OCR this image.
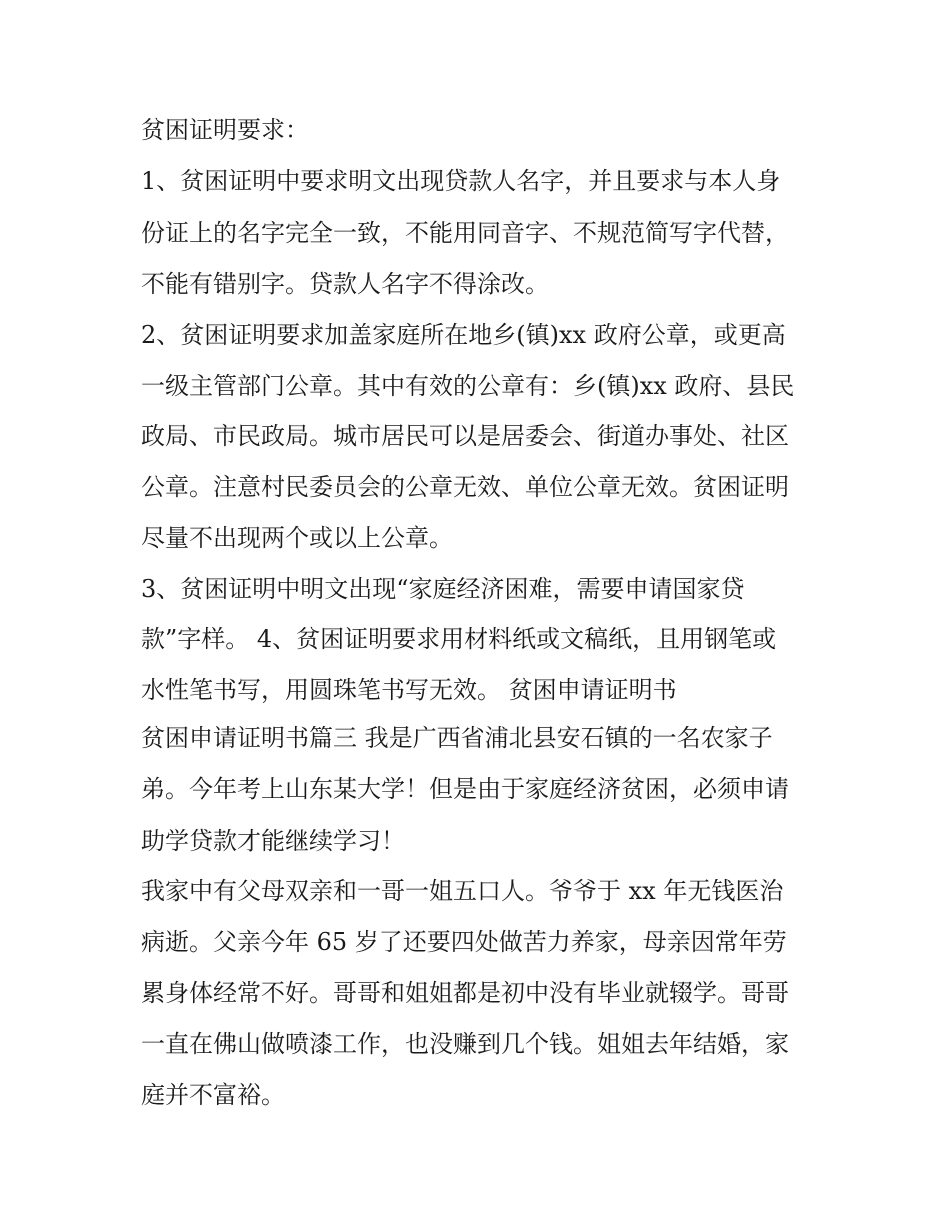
贫困证明要求：
1、贫困证明中要求明文出现贷款人名字，并且要求与本人身
份证上的名字完全一致，不能用同音字、不规范简写字代替，
不能有错别字。贷款人名字不得涂改。
2、贫困证明要求加盖家庭所在地乡(镇)xx 政府公章，或更高
一级主管部门公章。其中有效的公章有：乡(镇)xx 政府、县民
政局、市民政局。城市居民可以是居委会、街道办事处、社区
公章。注意村民委员会的公章无效、单位公章无效。贫困证明
尽量不出现两个或以上公章。
3、贫困证明中明文出现“家庭经济困难，需要申请国家贷
款”字样。 4、贫困证明要求用材料纸或文稿纸，且用钢笔或
水性笔书写，用圆珠笔书写无效。 贫困申请证明书
贫困申请证明书篇三 我是广西省浦北县安石镇的一名农家子
弟。今年考上山东某大学！但是由于家庭经济贫困，必须申请
助学贷款才能继续学习！
我家中有父母双亲和一哥一姐五口人。爷爷于 xx 年无钱医治
病逝。父亲今年 65 岁了还要四处做苦力养家，母亲因常年劳
累身体经常不好。哥哥和姐姐都是初中没有毕业就辍学。哥哥
一直在佛山做喷漆工作，也没赚到几个钱。姐姐去年结婚，家
庭并不富裕。
